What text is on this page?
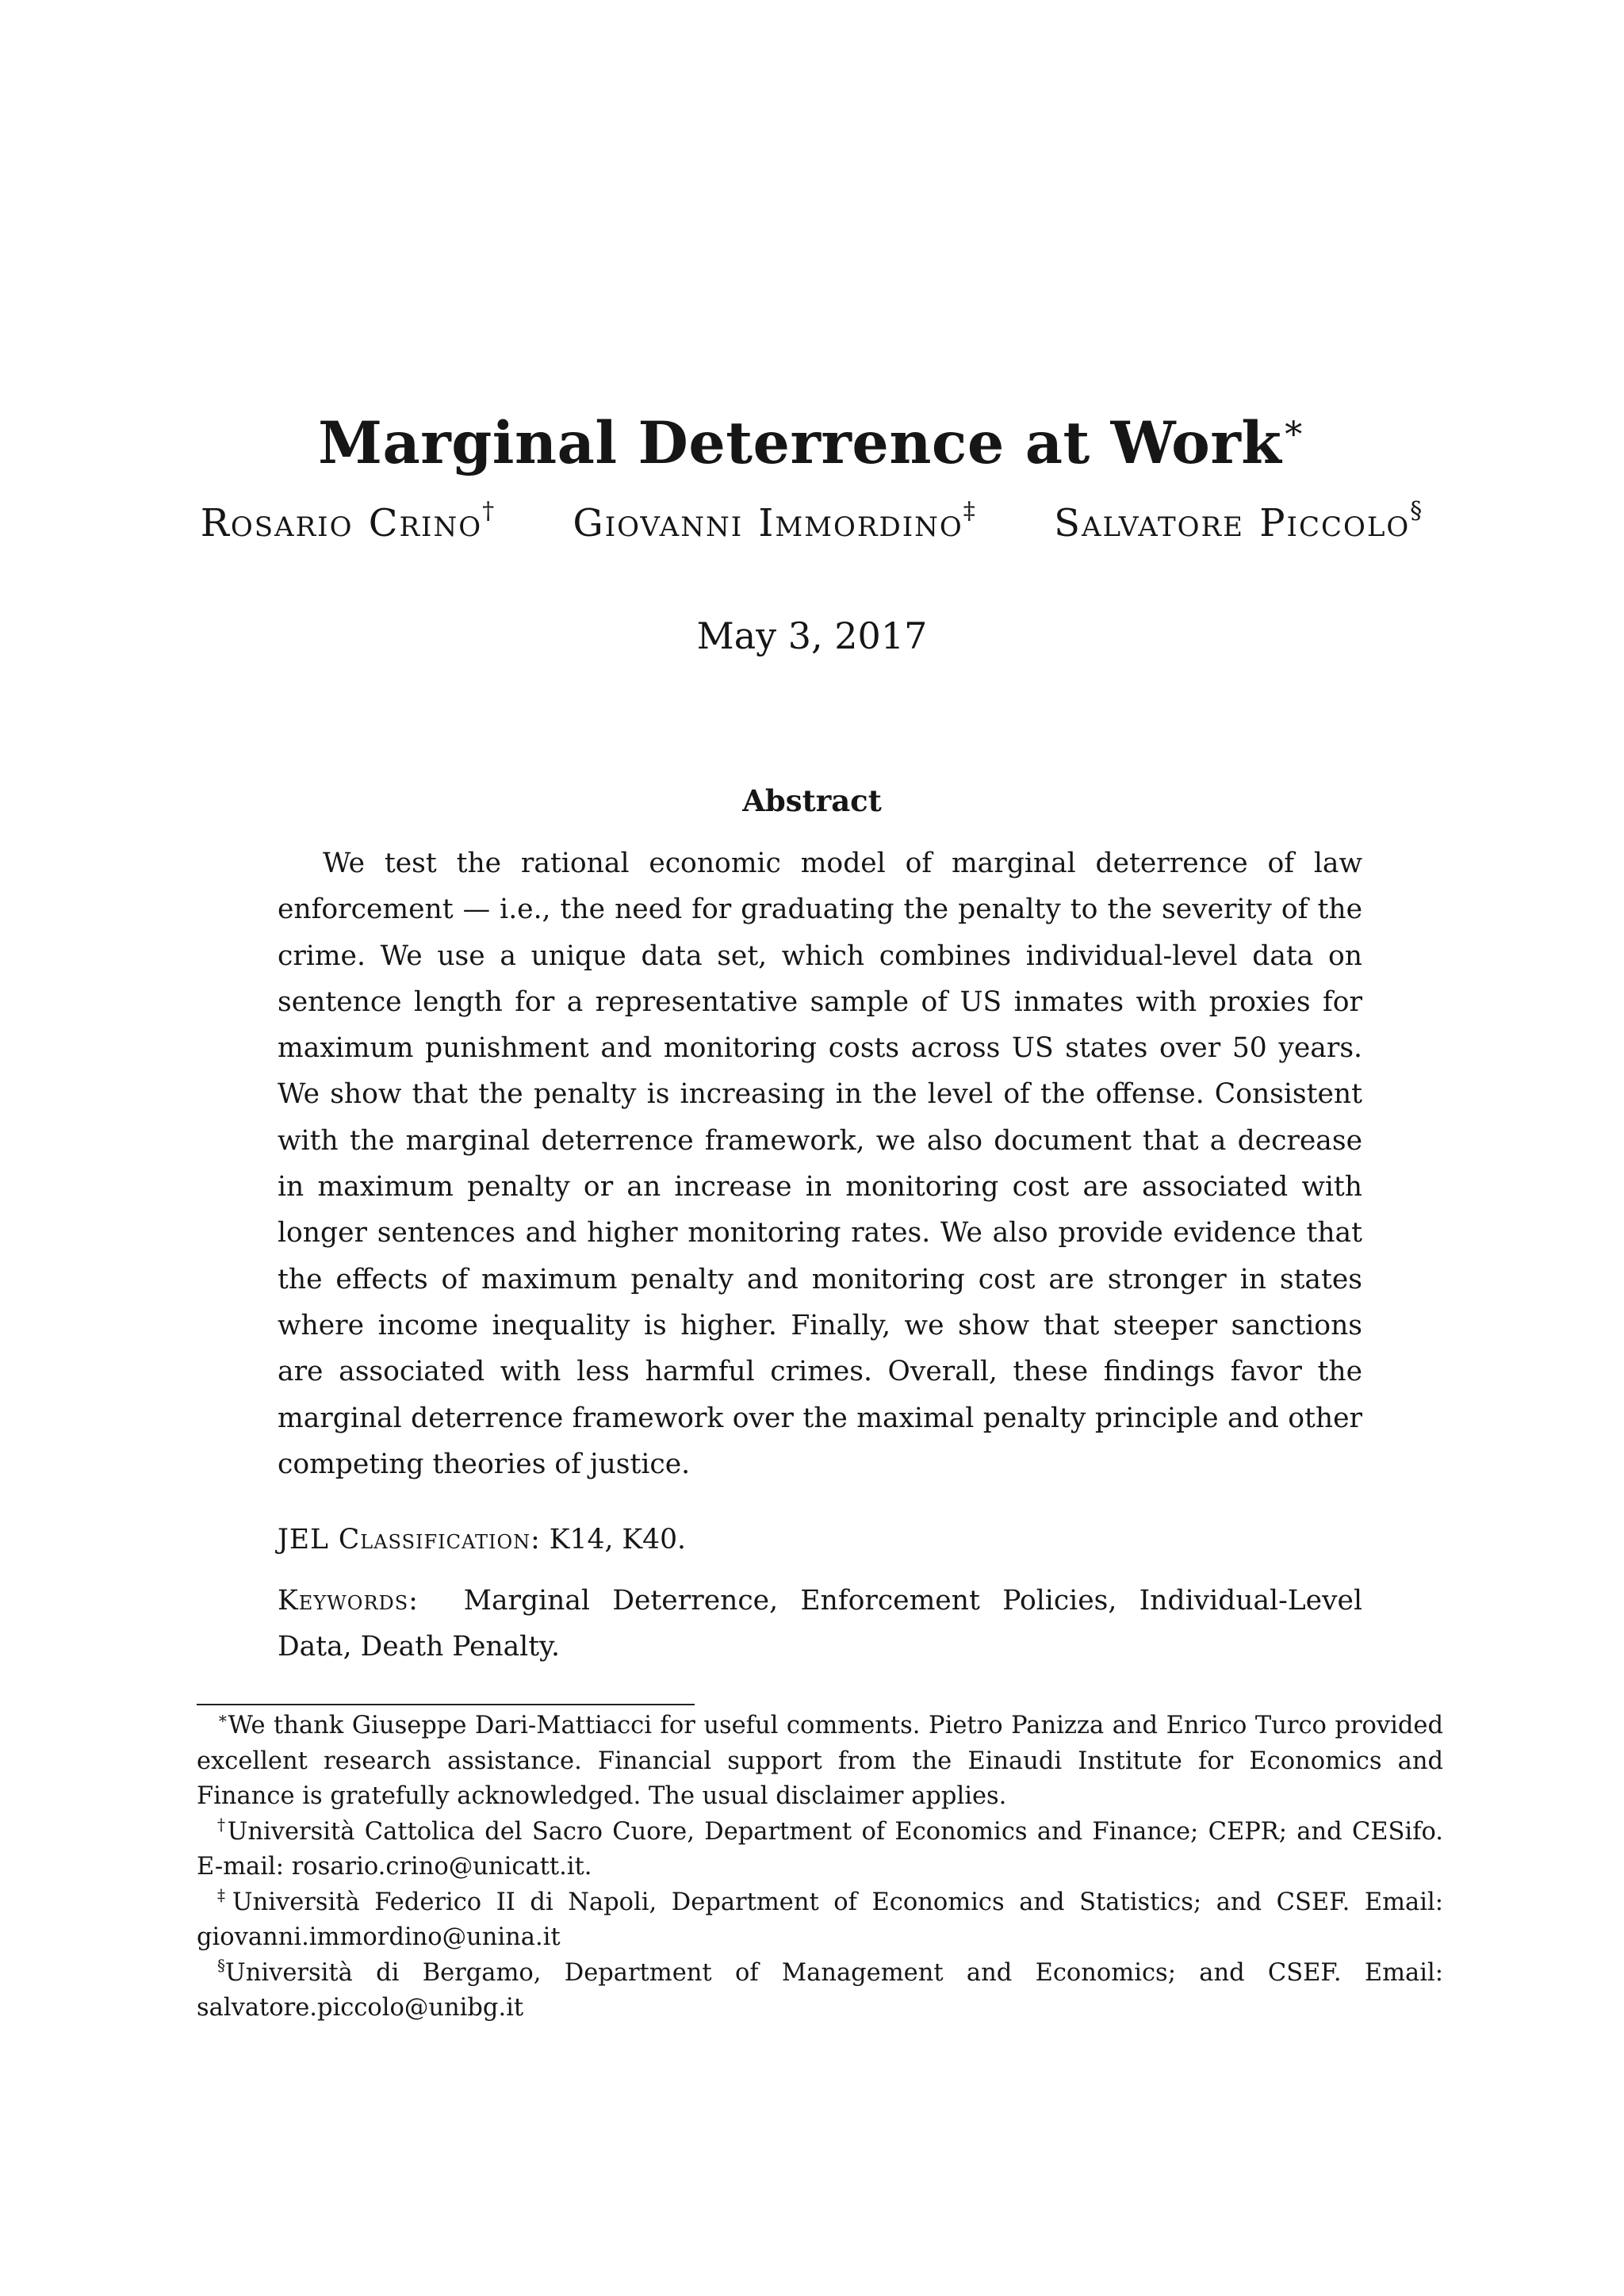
Marginal Deterrence at Work∗
Rosario Crino† Giovanni Immordino‡ Salvatore Piccolo§
May 3, 2017
Abstract

We test the rational economic model of marginal deterrence of law enforcement — i.e., the need for graduating the penalty to the severity of the crime. We use a unique data set, which combines individual-level data on sentence length for a representative sample of US inmates with proxies for maximum punishment and monitoring costs across US states over 50 years. We show that the penalty is increasing in the level of the offense. Consistent with the marginal deterrence framework, we also document that a decrease in maximum penalty or an increase in monitoring cost are associated with longer sentences and higher monitoring rates. We also provide evidence that the effects of maximum penalty and monitoring cost are stronger in states where income inequality is higher. Finally, we show that steeper sanctions are associated with less harmful crimes. Overall, these findings favor the marginal deterrence framework over the maximal penalty principle and other competing theories of justice.

JEL Classification: K14, K40.

Keywords: Marginal Deterrence, Enforcement Policies, Individual-Level Data, Death Penalty.

∗We thank Giuseppe Dari-Mattiacci for useful comments. Pietro Panizza and Enrico Turco provided excellent research assistance. Financial support from the Einaudi Institute for Economics and Finance is gratefully acknowledged. The usual disclaimer applies.

†Università Cattolica del Sacro Cuore, Department of Economics and Finance; CEPR; and CESifo. E-mail: rosario.crino@unicatt.it.

‡Università Federico II di Napoli, Department of Economics and Statistics; and CSEF. Email: giovanni.immordino@unina.it

§Università di Bergamo, Department of Management and Economics; and CSEF. Email: salvatore.piccolo@unibg.it
